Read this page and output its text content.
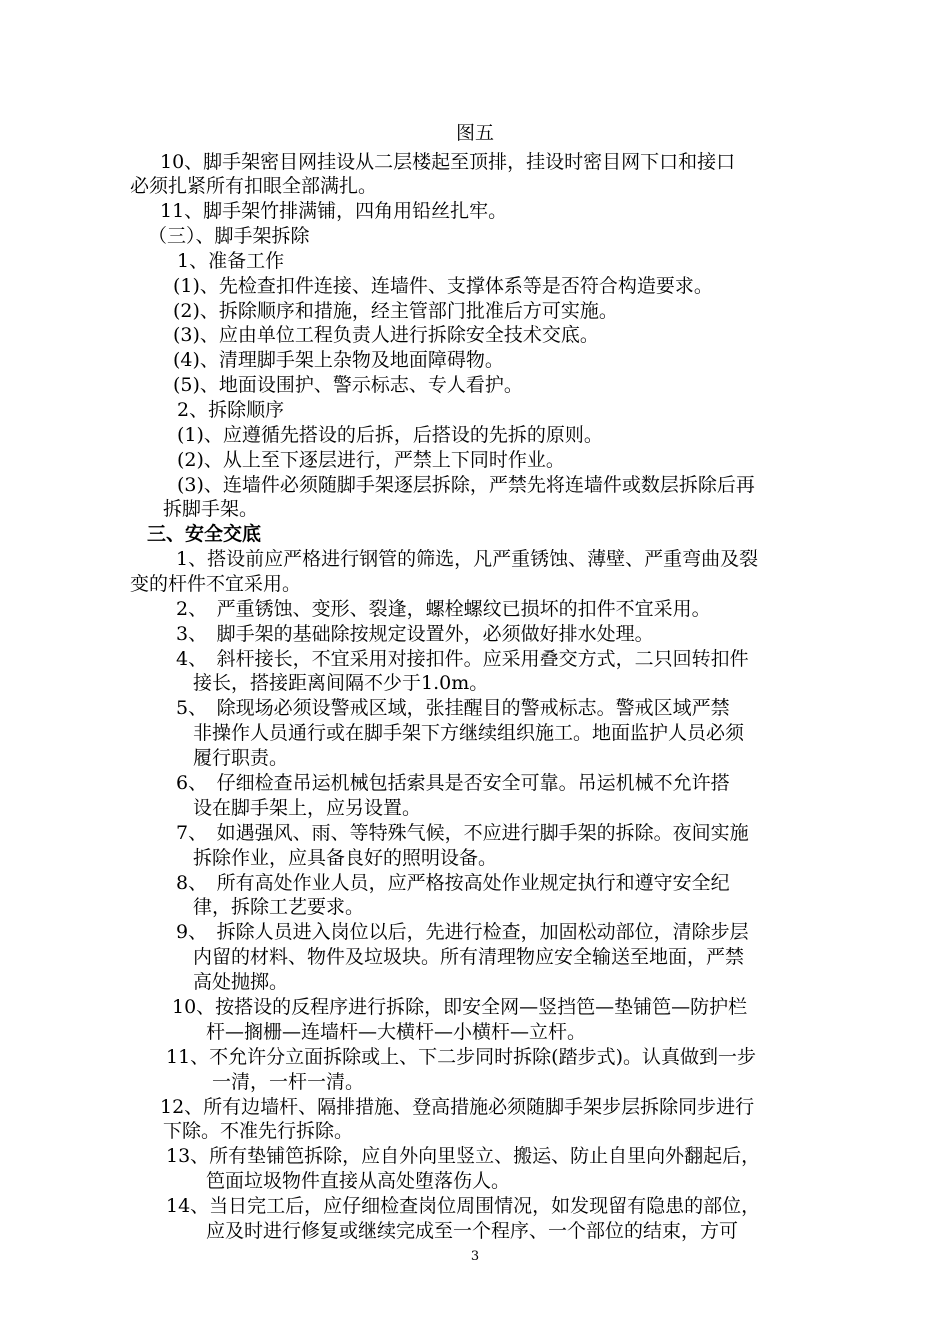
图五
10、脚手架密目网挂设从二层楼起至顶排，挂设时密目网下口和接口
必须扎紧所有扣眼全部满扎。
11、脚手架竹排满铺，四角用铅丝扎牢。
（三）、脚手架拆除
1、准备工作
(1)、先检查扣件连接、连墙件、支撑体系等是否符合构造要求。
(2)、拆除顺序和措施，经主管部门批准后方可实施。
(3)、应由单位工程负责人进行拆除安全技术交底。
(4)、清理脚手架上杂物及地面障碍物。
(5)、地面设围护、警示标志、专人看护。
2、拆除顺序
(1)、应遵循先搭设的后拆，后搭设的先拆的原则。
(2)、从上至下逐层进行，严禁上下同时作业。
(3)、连墙件必须随脚手架逐层拆除，严禁先将连墙件或数层拆除后再
拆脚手架。
三、安全交底
1、搭设前应严格进行钢管的筛选，凡严重锈蚀、薄壁、严重弯曲及裂
变的杆件不宜采用。
2、　严重锈蚀、变形、裂逢，螺栓螺纹已损坏的扣件不宜采用。
3、　脚手架的基础除按规定设置外，必须做好排水处理。
4、　斜杆接长，不宜采用对接扣件。应采用叠交方式，二只回转扣件
接长，搭接距离间隔不少于1.0m。
5、　除现场必须设警戒区域，张挂醒目的警戒标志。警戒区域严禁
非操作人员通行或在脚手架下方继续组织施工。地面监护人员必须
履行职责。
6、　仔细检查吊运机械包括索具是否安全可靠。吊运机械不允许搭
设在脚手架上，应另设置。
7、　如遇强风、雨、等特殊气候，不应进行脚手架的拆除。夜间实施
拆除作业，应具备良好的照明设备。
8、　所有高处作业人员，应严格按高处作业规定执行和遵守安全纪
律，拆除工艺要求。
9、　拆除人员进入岗位以后，先进行检查，加固松动部位，清除步层
内留的材料、物件及垃圾块。所有清理物应安全输送至地面，严禁
高处抛掷。
10、按搭设的反程序进行拆除，即安全网—竖挡笆—垫铺笆—防护栏
杆—搁栅—连墙杆—大横杆—小横杆—立杆。
11、不允许分立面拆除或上、下二步同时拆除(踏步式)。认真做到一步
一清，一杆一清。
12、所有边墙杆、隔排措施、登高措施必须随脚手架步层拆除同步进行
下除。不准先行拆除。
13、所有垫铺笆拆除，应自外向里竖立、搬运、防止自里向外翻起后，
笆面垃圾物件直接从高处堕落伤人。
14、当日完工后，应仔细检查岗位周围情况，如发现留有隐患的部位，
应及时进行修复或继续完成至一个程序、一个部位的结束，方可
3
